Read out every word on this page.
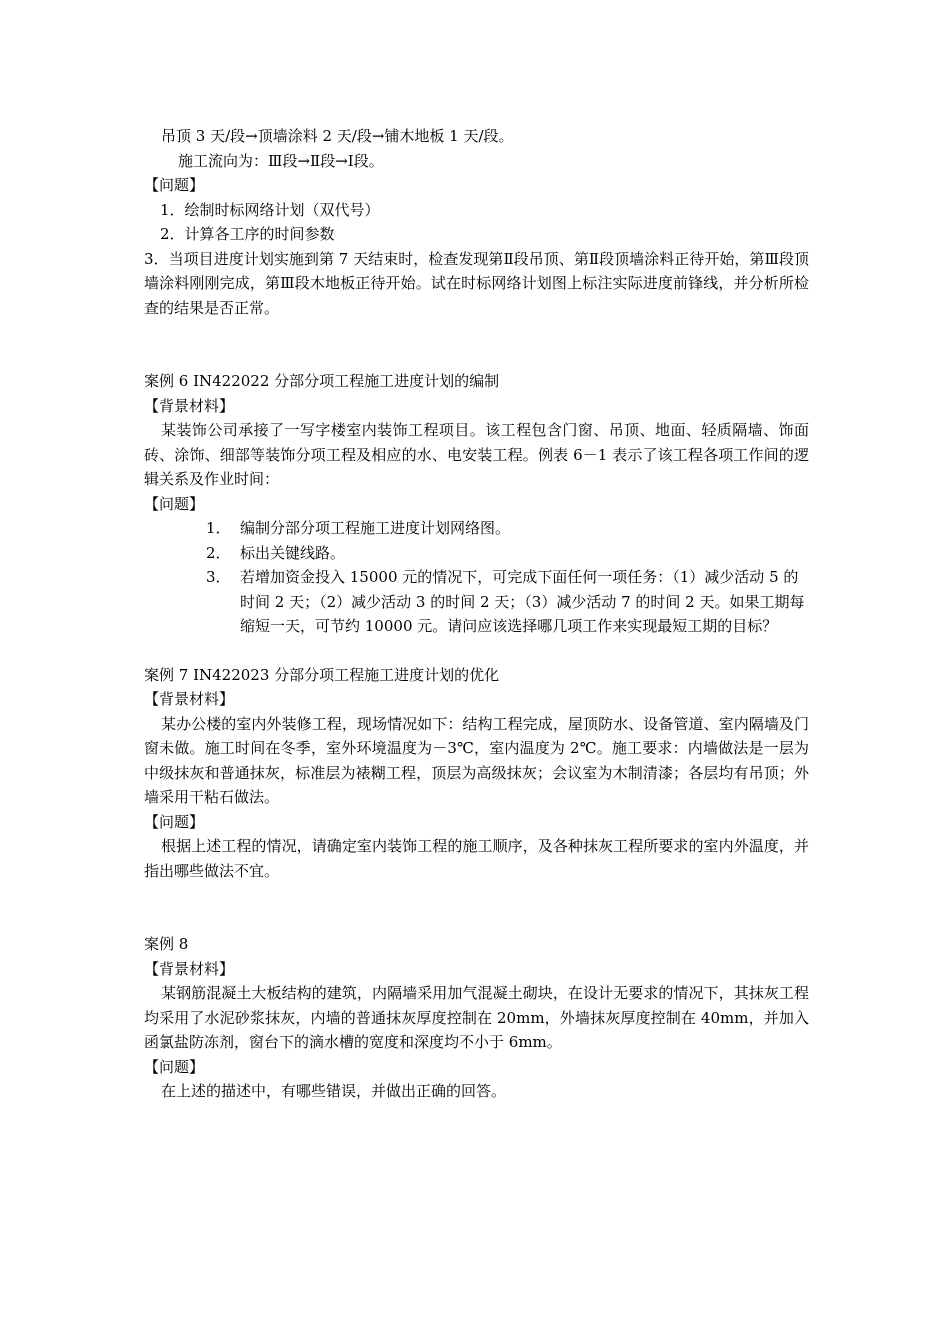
吊顶 3 天/段→顶墙涂料 2 天/段→铺木地板 1 天/段。

施工流向为：Ⅲ段→Ⅱ段→Ⅰ段。

【问题】

1．绘制时标网络计划（双代号）

2．计算各工序的时间参数

3．当项目进度计划实施到第 7 天结束时，检查发现第Ⅱ段吊顶、第Ⅱ段顶墙涂料正待开始，第Ⅲ段顶墙涂料刚刚完成，第Ⅲ段木地板正待开始。试在时标网络计划图上标注实际进度前锋线，并分析所检查的结果是否正常。

案例 6 IN422022 分部分项工程施工进度计划的编制

【背景材料】

某装饰公司承接了一写字楼室内装饰工程项目。该工程包含门窗、吊顶、地面、轻质隔墙、饰面砖、涂饰、细部等装饰分项工程及相应的水、电安装工程。例表 6－1 表示了该工程各项工作间的逻辑关系及作业时间：

【问题】

1． 编制分部分项工程施工进度计划网络图。
2． 标出关键线路。
3． 若增加资金投入 15000 元的情况下，可完成下面任何一项任务：（1）减少活动 5 的时间 2 天；（2）减少活动 3 的时间 2 天；（3）减少活动 7 的时间 2 天。如果工期每缩短一天，可节约 10000 元。请问应该选择哪几项工作来实现最短工期的目标？

案例 7 IN422023 分部分项工程施工进度计划的优化

【背景材料】

某办公楼的室内外装修工程，现场情况如下：结构工程完成，屋顶防水、设备管道、室内隔墙及门窗未做。施工时间在冬季，室外环境温度为－3℃，室内温度为 2℃。施工要求：内墙做法是一层为中级抹灰和普通抹灰，标准层为裱糊工程，顶层为高级抹灰；会议室为木制清漆；各层均有吊顶；外墙采用干粘石做法。

【问题】

根据上述工程的情况，请确定室内装饰工程的施工顺序，及各种抹灰工程所要求的室内外温度，并指出哪些做法不宜。

案例 8

【背景材料】

某钢筋混凝土大板结构的建筑，内隔墙采用加气混凝土砌块，在设计无要求的情况下，其抹灰工程均采用了水泥砂浆抹灰，内墙的普通抹灰厚度控制在 20mm，外墙抹灰厚度控制在 40mm，并加入函氯盐防冻剂，窗台下的滴水槽的宽度和深度均不小于 6mm。

【问题】

在上述的描述中，有哪些错误，并做出正确的回答。
